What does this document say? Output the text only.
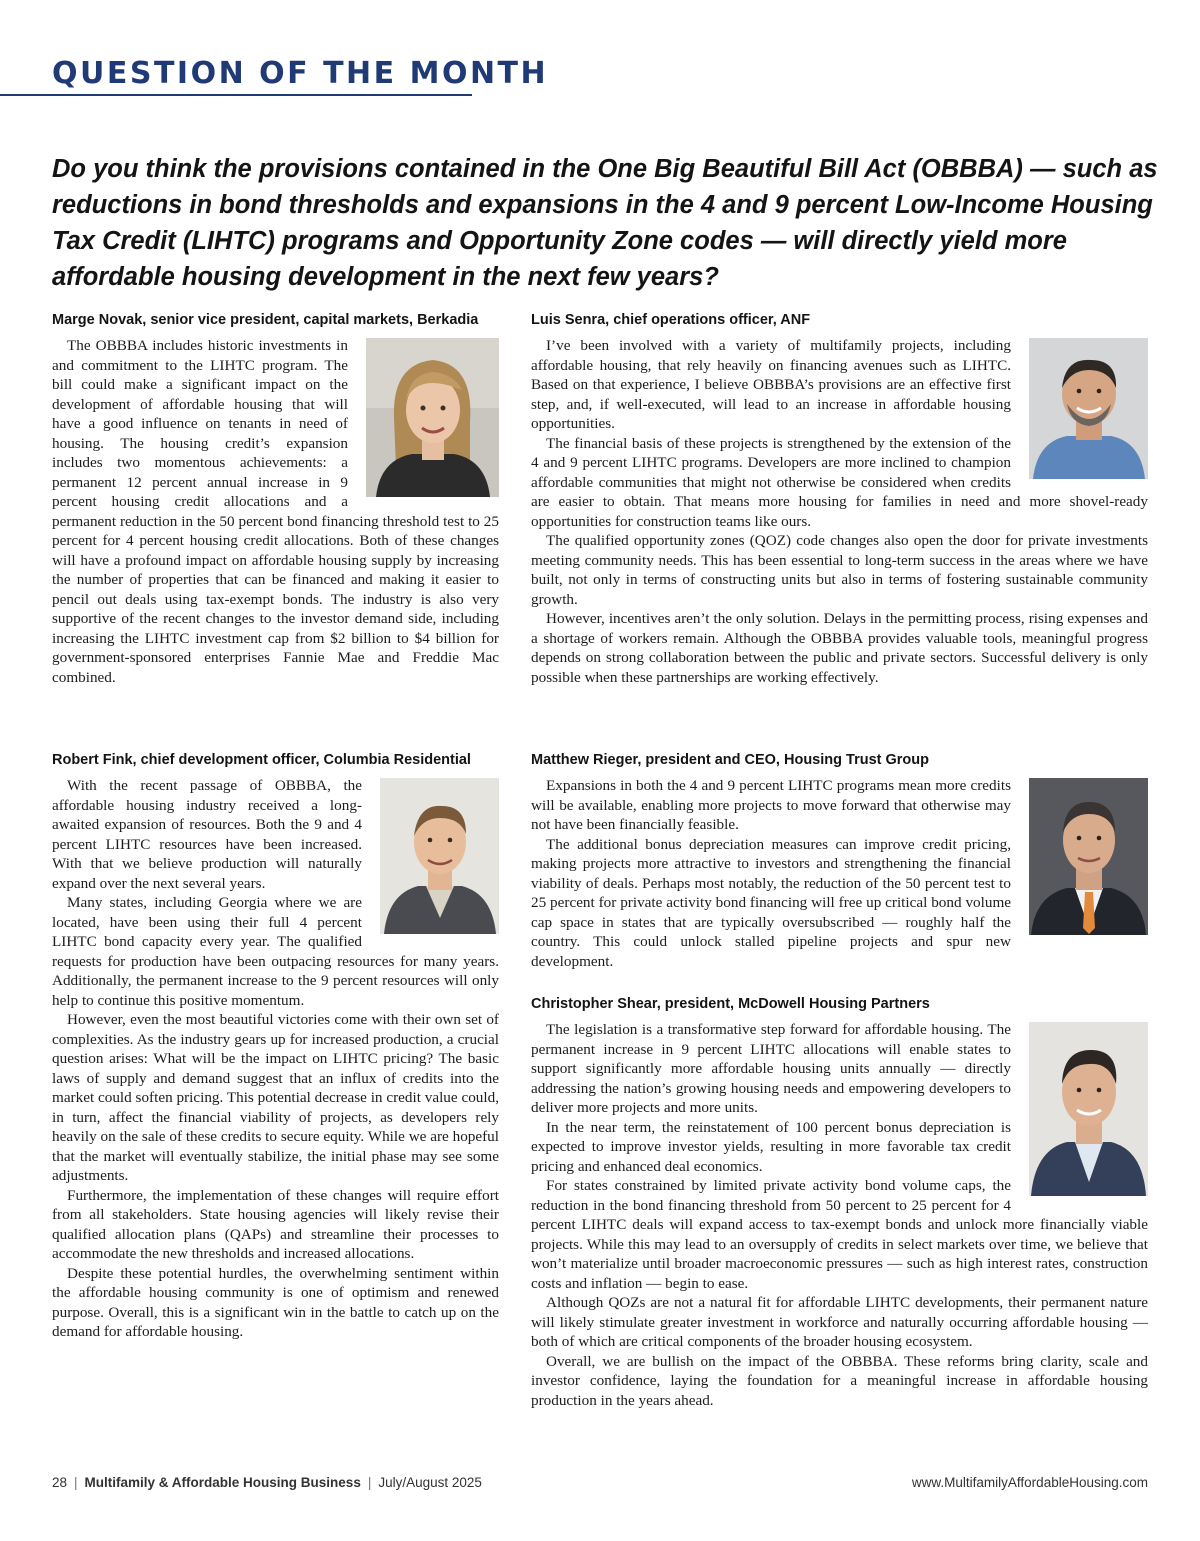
QUESTION OF THE MONTH
Do you think the provisions contained in the One Big Beautiful Bill Act (OBBBA) — such as reductions in bond thresholds and expansions in the 4 and 9 percent Low-Income Housing Tax Credit (LIHTC) programs and Opportunity Zone codes — will directly yield more affordable housing development in the next few years?
Marge Novak, senior vice president, capital markets, Berkadia

The OBBBA includes historic investments in and commitment to the LIHTC program. The bill could make a significant impact on the development of affordable housing that will have a good influence on tenants in need of housing. The housing credit’s expansion includes two momentous achievements: a permanent 12 percent annual increase in 9 percent housing credit allocations and a permanent reduction in the 50 percent bond financing threshold test to 25 percent for 4 percent housing credit allocations. Both of these changes will have a profound impact on affordable housing supply by increasing the number of properties that can be financed and making it easier to pencil out deals using tax-exempt bonds. The industry is also very supportive of the recent changes to the investor demand side, including increasing the LIHTC investment cap from $2 billion to $4 billion for government-sponsored enterprises Fannie Mae and Freddie Mac combined.

Robert Fink, chief development officer, Columbia Residential

With the recent passage of OBBBA, the affordable housing industry received a long-awaited expansion of resources. Both the 9 and 4 percent LIHTC resources have been increased. With that we believe production will naturally expand over the next several years.

Many states, including Georgia where we are located, have been using their full 4 percent LIHTC bond capacity every year. The qualified requests for production have been outpacing resources for many years. Additionally, the permanent increase to the 9 percent resources will only help to continue this positive momentum.

However, even the most beautiful victories come with their own set of complexities. As the industry gears up for increased production, a crucial question arises: What will be the impact on LIHTC pricing? The basic laws of supply and demand suggest that an influx of credits into the market could soften pricing. This potential decrease in credit value could, in turn, affect the financial viability of projects, as developers rely heavily on the sale of these credits to secure equity. While we are hopeful that the market will eventually stabilize, the initial phase may see some adjustments.

Furthermore, the implementation of these changes will require effort from all stakeholders. State housing agencies will likely revise their qualified allocation plans (QAPs) and streamline their processes to accommodate the new thresholds and increased allocations.

Despite these potential hurdles, the overwhelming sentiment within the affordable housing community is one of optimism and renewed purpose. Overall, this is a significant win in the battle to catch up on the demand for affordable housing.

Luis Senra, chief operations officer, ANF

I’ve been involved with a variety of multifamily projects, including affordable housing, that rely heavily on financing avenues such as LIHTC. Based on that experience, I believe OBBBA’s provisions are an effective first step, and, if well-executed, will lead to an increase in affordable housing opportunities.

The financial basis of these projects is strengthened by the extension of the 4 and 9 percent LIHTC programs. Developers are more inclined to champion affordable communities that might not otherwise be considered when credits are easier to obtain. That means more housing for families in need and more shovel-ready opportunities for construction teams like ours.

The qualified opportunity zones (QOZ) code changes also open the door for private investments meeting community needs. This has been essential to long-term success in the areas where we have built, not only in terms of constructing units but also in terms of fostering sustainable community growth.

However, incentives aren’t the only solution. Delays in the permitting process, rising expenses and a shortage of workers remain. Although the OBBBA provides valuable tools, meaningful progress depends on strong collaboration between the public and private sectors. Successful delivery is only possible when these partnerships are working effectively.

Matthew Rieger, president and CEO, Housing Trust Group

Expansions in both the 4 and 9 percent LIHTC programs mean more credits will be available, enabling more projects to move forward that otherwise may not have been financially feasible.

The additional bonus depreciation measures can improve credit pricing, making projects more attractive to investors and strengthening the financial viability of deals. Perhaps most notably, the reduction of the 50 percent test to 25 percent for private activity bond financing will free up critical bond volume cap space in states that are typically oversubscribed — roughly half the country. This could unlock stalled pipeline projects and spur new development.

Christopher Shear, president, McDowell Housing Partners

The legislation is a transformative step forward for affordable housing. The permanent increase in 9 percent LIHTC allocations will enable states to support significantly more affordable housing units annually — directly addressing the nation’s growing housing needs and empowering developers to deliver more projects and more units.

In the near term, the reinstatement of 100 percent bonus depreciation is expected to improve investor yields, resulting in more favorable tax credit pricing and enhanced deal economics.

For states constrained by limited private activity bond volume caps, the reduction in the bond financing threshold from 50 percent to 25 percent for 4 percent LIHTC deals will expand access to tax-exempt bonds and unlock more financially viable projects. While this may lead to an oversupply of credits in select markets over time, we believe that won’t materialize until broader macroeconomic pressures — such as high interest rates, construction costs and inflation — begin to ease.

Although QOZs are not a natural fit for affordable LIHTC developments, their permanent nature will likely stimulate greater investment in workforce and naturally occurring affordable housing — both of which are critical components of the broader housing ecosystem.

Overall, we are bullish on the impact of the OBBBA. These reforms bring clarity, scale and investor confidence, laying the foundation for a meaningful increase in affordable housing production in the years ahead.

28 | Multifamily & Affordable Housing Business | July/August 2025	www.MultifamilyAffordableHousing.com
